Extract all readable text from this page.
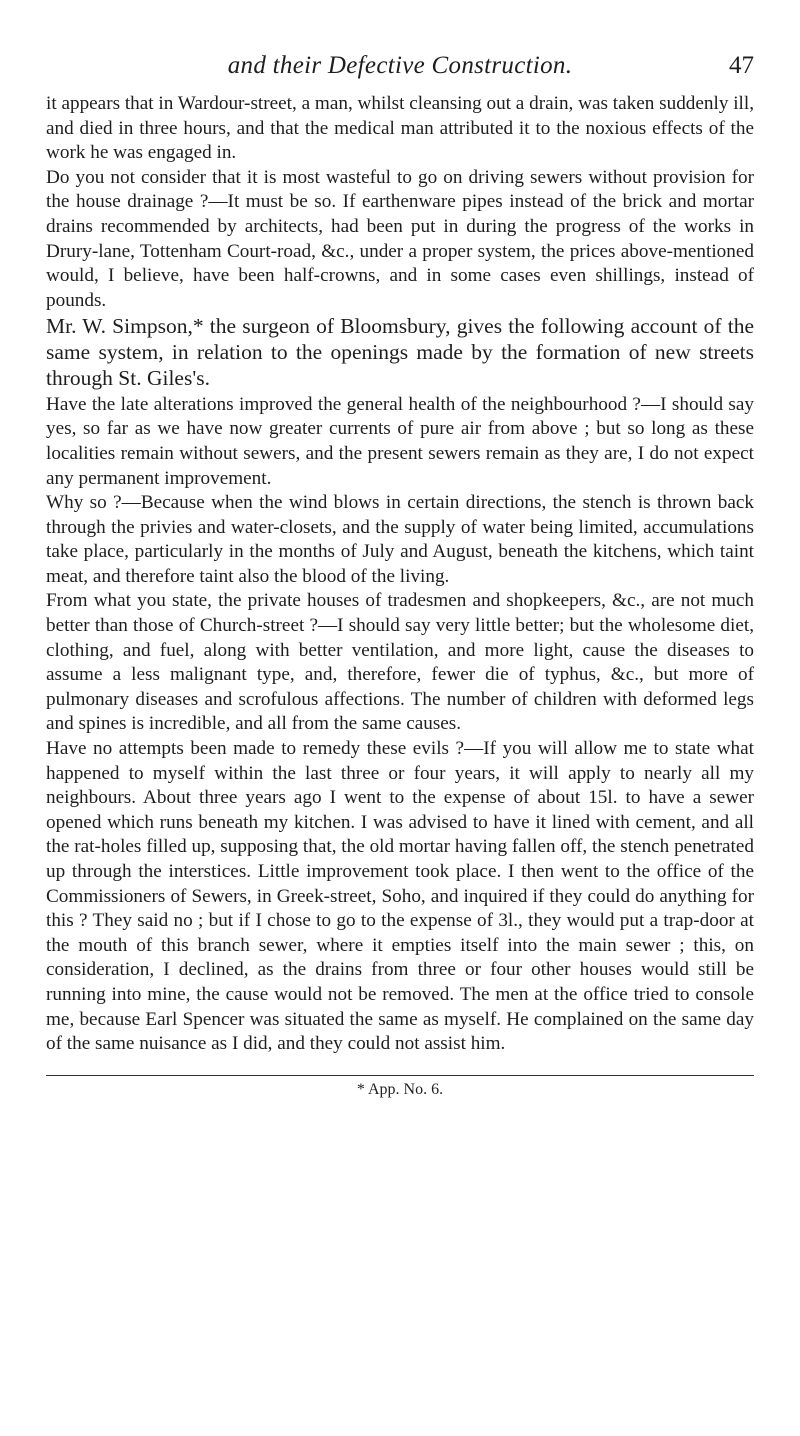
and their Defective Construction.	47

it appears that in Wardour-street, a man, whilst cleansing out a drain, was taken suddenly ill, and died in three hours, and that the medical man attributed it to the noxious effects of the work he was engaged in.

Do you not consider that it is most wasteful to go on driving sewers without provision for the house drainage ?—It must be so. If earthenware pipes instead of the brick and mortar drains recommended by architects, had been put in during the progress of the works in Drury-lane, Tottenham Court-road, &c., under a proper system, the prices above-mentioned would, I believe, have been half-crowns, and in some cases even shillings, instead of pounds.

Mr. W. Simpson,* the surgeon of Bloomsbury, gives the following account of the same system, in relation to the openings made by the formation of new streets through St. Giles's.

Have the late alterations improved the general health of the neighbourhood ?—I should say yes, so far as we have now greater currents of pure air from above ; but so long as these localities remain without sewers, and the present sewers remain as they are, I do not expect any permanent improvement.

Why so ?—Because when the wind blows in certain directions, the stench is thrown back through the privies and water-closets, and the supply of water being limited, accumulations take place, particularly in the months of July and August, beneath the kitchens, which taint meat, and therefore taint also the blood of the living.

From what you state, the private houses of tradesmen and shopkeepers, &c., are not much better than those of Church-street ?—I should say very little better; but the wholesome diet, clothing, and fuel, along with better ventilation, and more light, cause the diseases to assume a less malignant type, and, therefore, fewer die of typhus, &c., but more of pulmonary diseases and scrofulous affections. The number of children with deformed legs and spines is incredible, and all from the same causes.

Have no attempts been made to remedy these evils ?—If you will allow me to state what happened to myself within the last three or four years, it will apply to nearly all my neighbours. About three years ago I went to the expense of about 15l. to have a sewer opened which runs beneath my kitchen. I was advised to have it lined with cement, and all the rat-holes filled up, supposing that, the old mortar having fallen off, the stench penetrated up through the interstices. Little improvement took place. I then went to the office of the Commissioners of Sewers, in Greek-street, Soho, and inquired if they could do anything for this ? They said no ; but if I chose to go to the expense of 3l., they would put a trap-door at the mouth of this branch sewer, where it empties itself into the main sewer ; this, on consideration, I declined, as the drains from three or four other houses would still be running into mine, the cause would not be removed. The men at the office tried to console me, because Earl Spencer was situated the same as myself. He complained on the same day of the same nuisance as I did, and they could not assist him.

* App. No. 6.
